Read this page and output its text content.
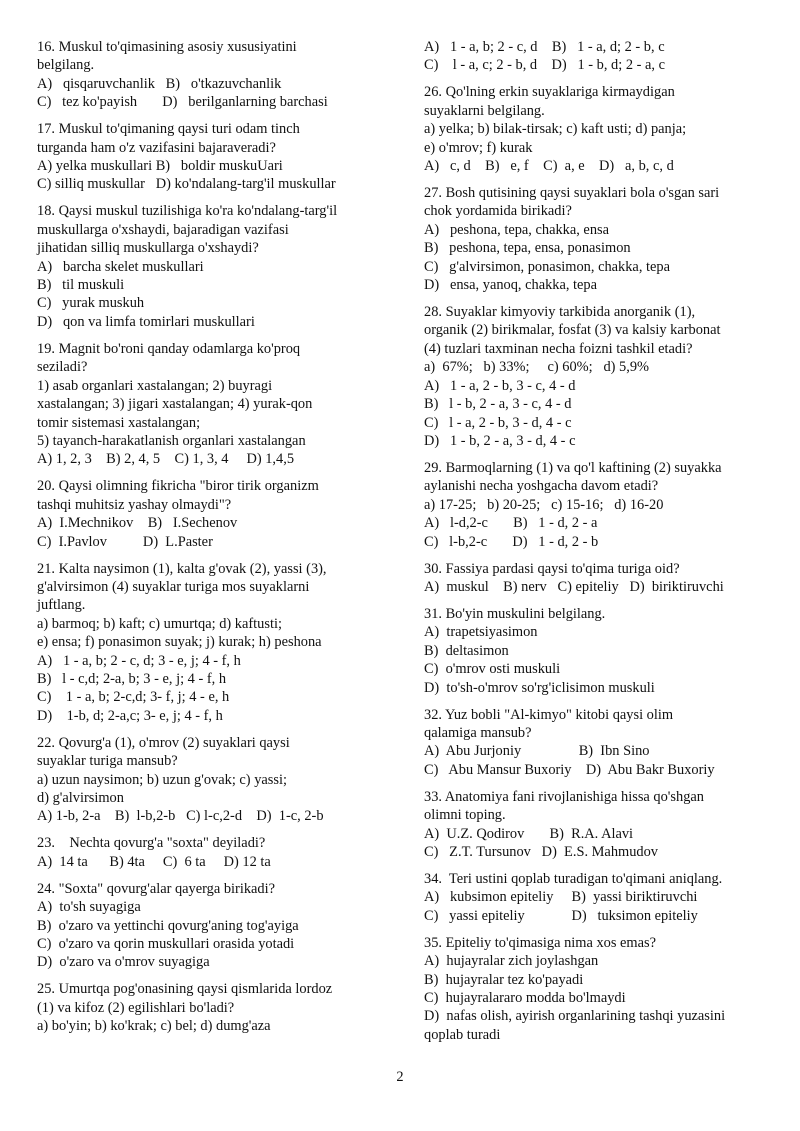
16. Muskul to'qimasining asosiy xususiyatini
belgilang.
A)   qisqaruvchanlik   B)   o'tkazuvchanlik
C)   tez ko'payish       D)   berilganlarning barchasi
17. Muskul to'qimaning qaysi turi odam tinch
turganda ham o'z vazifasini bajaraveradi?
A) yelka muskullari B)   boldir muskuUari
C) silliq muskullar   D) ko'ndalang-targ'il muskullar
18. Qaysi muskul tuzilishiga ko'ra ko'ndalang-targ'il
muskullarga o'xshaydi, bajaradigan vazifasi
jihatidan silliq muskullarga o'xshaydi?
A)   barcha skelet muskullari
B)   til muskuli
C)   yurak muskuh
D)   qon va limfa tomirlari muskullari
19. Magnit bo'roni qanday odamlarga ko'proq
seziladi?
1) asab organlari xastalangan; 2) buyragi
xastalangan; 3) jigari xastalangan; 4) yurak-qon
tomir sistemasi xastalangan;
5) tayanch-harakatlanish organlari xastalangan
A) 1, 2, 3    B) 2, 4, 5    C) 1, 3, 4     D) 1,4,5
20. Qaysi olimning fikricha "biror tirik organizm
tashqi muhitsiz yashay olmaydi"?
A)  I.Mechnikov    B)   I.Sechenov
C)  I.Pavlov          D)  L.Paster
21. Kalta naysimon (1), kalta g'ovak (2), yassi (3),
g'alvirsimon (4) suyaklar turiga mos suyaklarni
juftlang.
a) barmoq; b) kaft; c) umurtqa; d) kaftusti;
e) ensa; f) ponasimon suyak; j) kurak; h) peshona
A)   1 - a, b; 2 - c, d; 3 - e, j; 4 - f, h
B)   l - c,d; 2-a, b; 3 - e, j; 4 - f, h
C)    1 - a, b; 2-c,d; 3- f, j; 4 - e, h
D)    1-b, d; 2-a,c; 3- e, j; 4 - f, h
22. Qovurg'a (1), o'mrov (2) suyaklari qaysi
suyaklar turiga mansub?
a) uzun naysimon; b) uzun g'ovak; c) yassi;
d) g'alvirsimon
A) 1-b, 2-a    B)  l-b,2-b   C) l-c,2-d    D)  1-c, 2-b
23.    Nechta qovurg'a "soxta" deyiladi?
A)  14 ta      B) 4ta     C)  6 ta     D) 12 ta
24. "Soxta" qovurg'alar qayerga birikadi?
A)  to'sh suyagiga
B)  o'zaro va yettinchi qovurg'aning tog'ayiga
C)  o'zaro va qorin muskullari orasida yotadi
D)  o'zaro va o'mrov suyagiga
25. Umurtqa pog'onasining qaysi qismlarida lordoz
(1) va kifoz (2) egilishlari bo'ladi?
a) bo'yin; b) ko'krak; c) bel; d) dumg'aza
A)   1 - a, b; 2 - c, d    B)   1 - a, d; 2 - b, c
C)    l - a, c; 2 - b, d    D)   1 - b, d; 2 - a, c
26. Qo'lning erkin suyaklariga kirmaydigan
suyaklarni belgilang.
a) yelka; b) bilak-tirsak; c) kaft usti; d) panja;
e) o'mrov; f) kurak
A)   c, d    B)   e, f    C)  a, e    D)   a, b, c, d
27. Bosh qutisining qaysi suyaklari bola o'sgan sari
chok yordamida birikadi?
A)   peshona, tepa, chakka, ensa
B)   peshona, tepa, ensa, ponasimon
C)   g'alvirsimon, ponasimon, chakka, tepa
D)   ensa, yanoq, chakka, tepa
28. Suyaklar kimyoviy tarkibida anorganik (1),
organik (2) birikmalar, fosfat (3) va kalsiy karbonat
(4) tuzlari taxminan necha foizni tashkil etadi?
a)  67%;   b) 33%;     c) 60%;   d) 5,9%
A)   1 - a, 2 - b, 3 - c, 4 - d
B)   l - b, 2 - a, 3 - c, 4 - d
C)   l - a, 2 - b, 3 - d, 4 - c
D)   1 - b, 2 - a, 3 - d, 4 - c
29. Barmoqlarning (1) va qo'l kaftining (2) suyakka
aylanishi necha yoshgacha davom etadi?
a) 17-25;   b) 20-25;   c) 15-16;   d) 16-20
A)   l-d,2-c       B)   1 - d, 2 - a
C)   l-b,2-c       D)   1 - d, 2 - b
30. Fassiya pardasi qaysi to'qima turiga oid?
A)  muskul    B) nerv   C) epiteliy   D)  biriktiruvchi
31. Bo'yin muskulini belgilang.
A)  trapetsiyasimon
B)  deltasimon
C)  o'mrov osti muskuli
D)  to'sh-o'mrov so'rg'iclisimon muskuli
32. Yuz bobli "Al-kimyo" kitobi qaysi olim
qalamiga mansub?
A)  Abu Jurjoniy                B)  Ibn Sino
C)   Abu Mansur Buxoriy    D)  Abu Bakr Buxoriy
33. Anatomiya fani rivojlanishiga hissa qo'shgan
olimni toping.
A)  U.Z. Qodirov       B)  R.A. Alavi
C)   Z.T. Tursunov   D)  E.S. Mahmudov
34.  Teri ustini qoplab turadigan to'qimani aniqlang.
A)   kubsimon epiteliy     B)  yassi biriktiruvchi
C)   yassi epiteliy             D)   tuksimon epiteliy
35. Epiteliy to'qimasiga nima xos emas?
A)  hujayralar zich joylashgan
B)  hujayralar tez ko'payadi
C)  hujayralararo modda bo'lmaydi
D)  nafas olish, ayirish organlarining tashqi yuzasini
qoplab turadi
2
